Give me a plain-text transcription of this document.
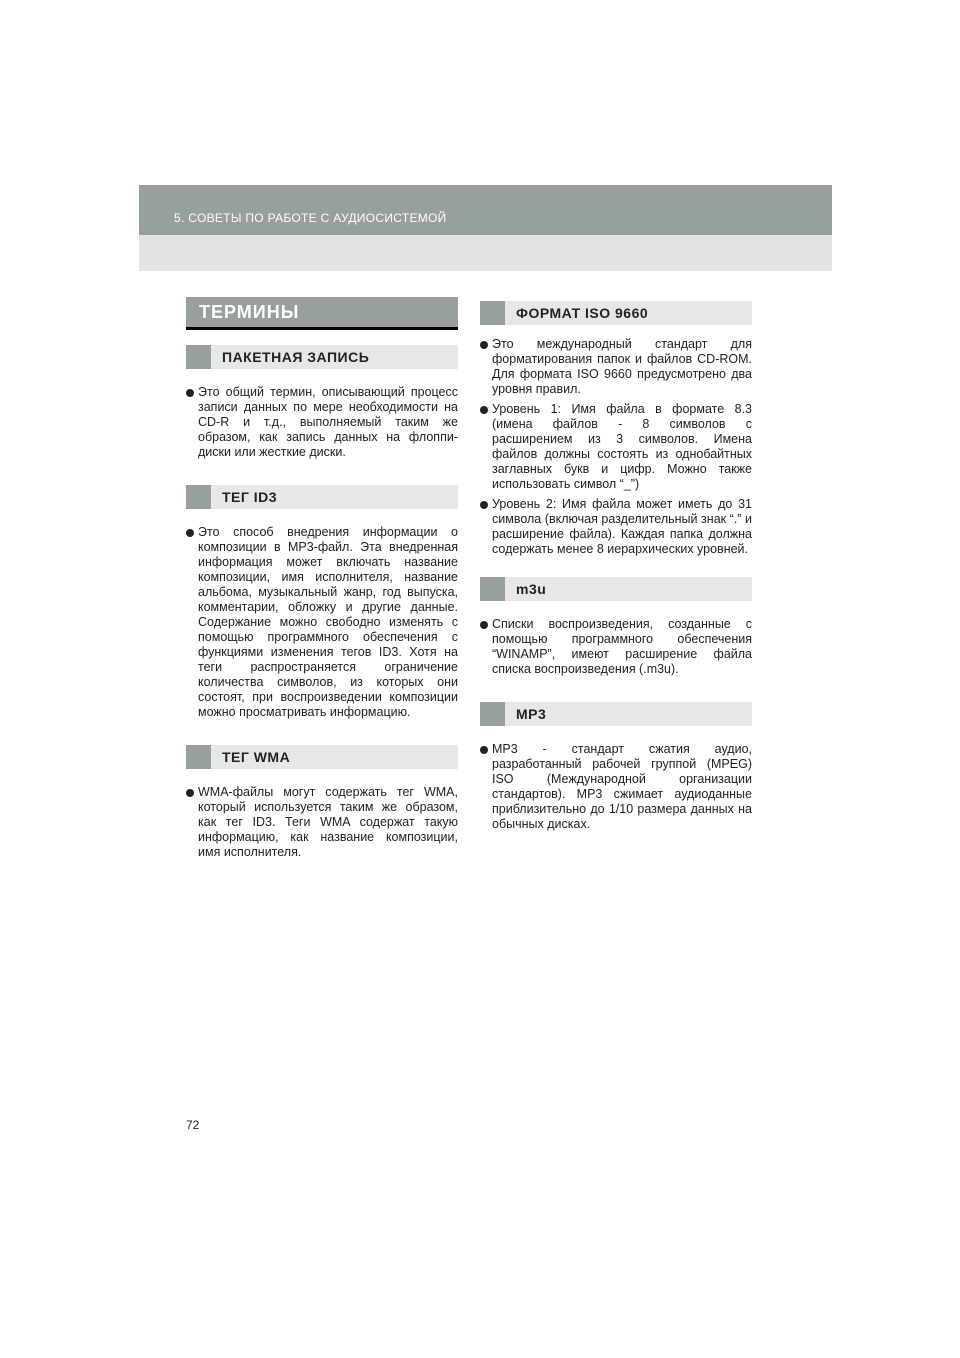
5. СОВЕТЫ ПО РАБОТЕ С АУДИОСИСТЕМОЙ
ТЕРМИНЫ
ПАКЕТНАЯ ЗАПИСЬ
Это общий термин, описывающий процесс записи данных по мере необходимости на CD-R и т.д., выполняемый таким же образом, как запись данных на флоппи-диски или жесткие диски.
ТЕГ ID3
Это способ внедрения информации о композиции в MP3-файл. Эта внедренная информация может включать название композиции, имя исполнителя, название альбома, музыкальный жанр, год выпуска, комментарии, обложку и другие данные. Содержание можно свободно изменять с помощью программного обеспечения с функциями изменения тегов ID3. Хотя на теги распространяется ограничение количества символов, из которых они состоят, при воспроизведении композиции можно просматривать информацию.
ТЕГ WMA
WMA-файлы могут содержать тег WMA, который используется таким же образом, как тег ID3. Теги WMA содержат такую информацию, как название композиции, имя исполнителя.
ФОРМАТ ISO 9660
Это международный стандарт для форматирования папок и файлов CD-ROM. Для формата ISO 9660 предусмотрено два уровня правил.
Уровень 1: Имя файла в формате 8.3 (имена файлов - 8 символов с расширением из 3 символов. Имена файлов должны состоять из однобайтных заглавных букв и цифр. Можно также использовать символ “_”)
Уровень 2: Имя файла может иметь до 31 символа (включая разделительный знак “.” и расширение файла). Каждая папка должна содержать менее 8 иерархических уровней.
m3u
Списки воспроизведения, созданные с помощью программного обеспечения “WINAMP”, имеют расширение файла списка воспроизведения (.m3u).
MP3
MP3 - стандарт сжатия аудио, разработанный рабочей группой (MPEG) ISO (Международной организации стандартов). MP3 сжимает аудиоданные приблизительно до 1/10 размера данных на обычных дисках.
72
